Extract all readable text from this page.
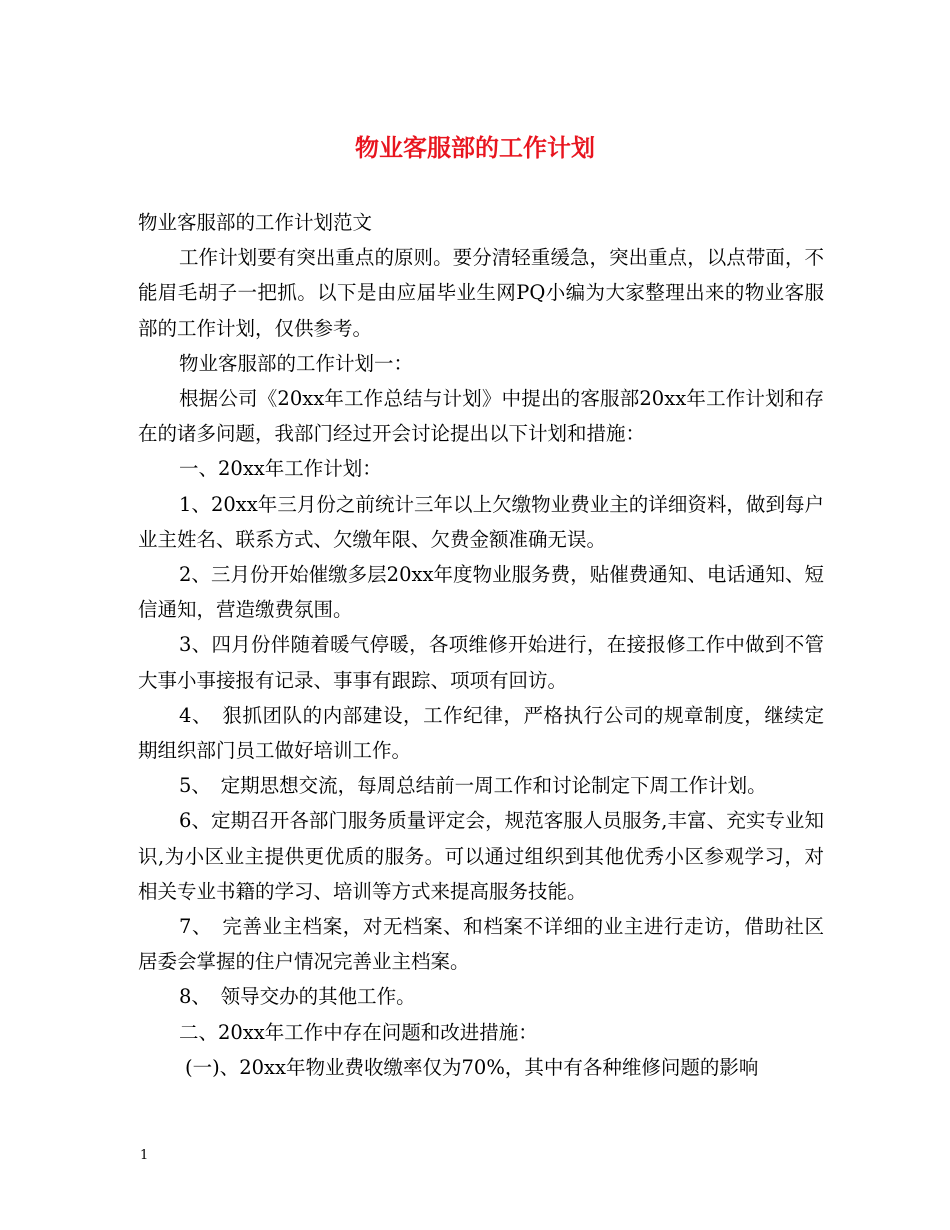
物业客服部的工作计划

物业客服部的工作计划范文

工作计划要有突出重点的原则。要分清轻重缓急，突出重点，以点带面，不能眉毛胡子一把抓。以下是由应届毕业生网PQ小编为大家整理出来的物业客服部的工作计划，仅供参考。

物业客服部的工作计划一：

根据公司《20xx年工作总结与计划》中提出的客服部20xx年工作计划和存在的诸多问题，我部门经过开会讨论提出以下计划和措施：

一、20xx年工作计划：

1、20xx年三月份之前统计三年以上欠缴物业费业主的详细资料，做到每户业主姓名、联系方式、欠缴年限、欠费金额准确无误。

2、三月份开始催缴多层20xx年度物业服务费，贴催费通知、电话通知、短信通知，营造缴费氛围。

3、四月份伴随着暖气停暖，各项维修开始进行，在接报修工作中做到不管大事小事接报有记录、事事有跟踪、项项有回访。

4、　狠抓团队的内部建设，工作纪律，严格执行公司的规章制度，继续定期组织部门员工做好培训工作。

5、　定期思想交流，每周总结前一周工作和讨论制定下周工作计划。

6、定期召开各部门服务质量评定会，规范客服人员服务,丰富、充实专业知识,为小区业主提供更优质的服务。可以通过组织到其他优秀小区参观学习，对相关专业书籍的学习、培训等方式来提高服务技能。

7、　完善业主档案，对无档案、和档案不详细的业主进行走访，借助社区居委会掌握的住户情况完善业主档案。

8、　领导交办的其他工作。

二、20xx年工作中存在问题和改进措施：

(一)、20xx年物业费收缴率仅为70%，其中有各种维修问题的影响

1
